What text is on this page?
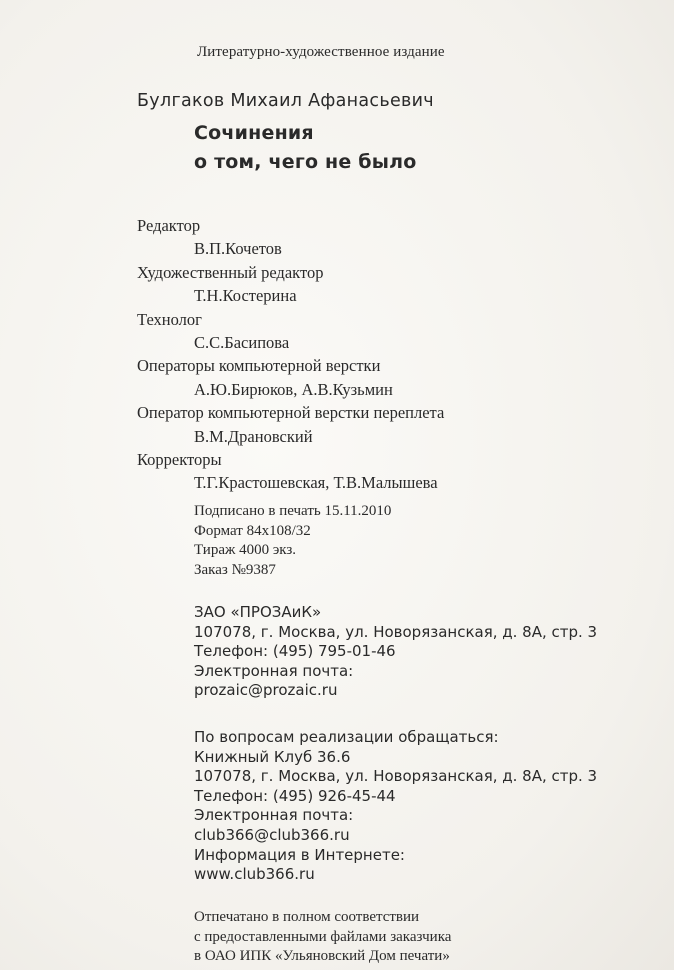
Литературно-художественное издание
Булгаков Михаил Афанасьевич
Сочинения
о том, чего не было
Редактор
В.П.Кочетов
Художественный редактор
Т.Н.Костерина
Технолог
С.С.Басипова
Операторы компьютерной верстки
А.Ю.Бирюков, А.В.Кузьмин
Оператор компьютерной верстки переплета
В.М.Драновский
Корректоры
Т.Г.Крастошевская, Т.В.Малышева
Подписано в печать 15.11.2010
Формат 84x108/32
Тираж 4000 экз.
Заказ №9387
ЗАО «ПРОЗАиК»
107078, г. Москва, ул. Новорязанская, д. 8А, стр. 3
Телефон: (495) 795-01-46
Электронная почта:
prozaic@prozaic.ru
По вопросам реализации обращаться:
Книжный Клуб 36.6
107078, г. Москва, ул. Новорязанская, д. 8А, стр. 3
Телефон: (495) 926-45-44
Электронная почта:
club366@club366.ru
Информация в Интернете:
www.club366.ru
Отпечатано в полном соответствии
с предоставленными файлами заказчика
в ОАО ИПК «Ульяновский Дом печати»
